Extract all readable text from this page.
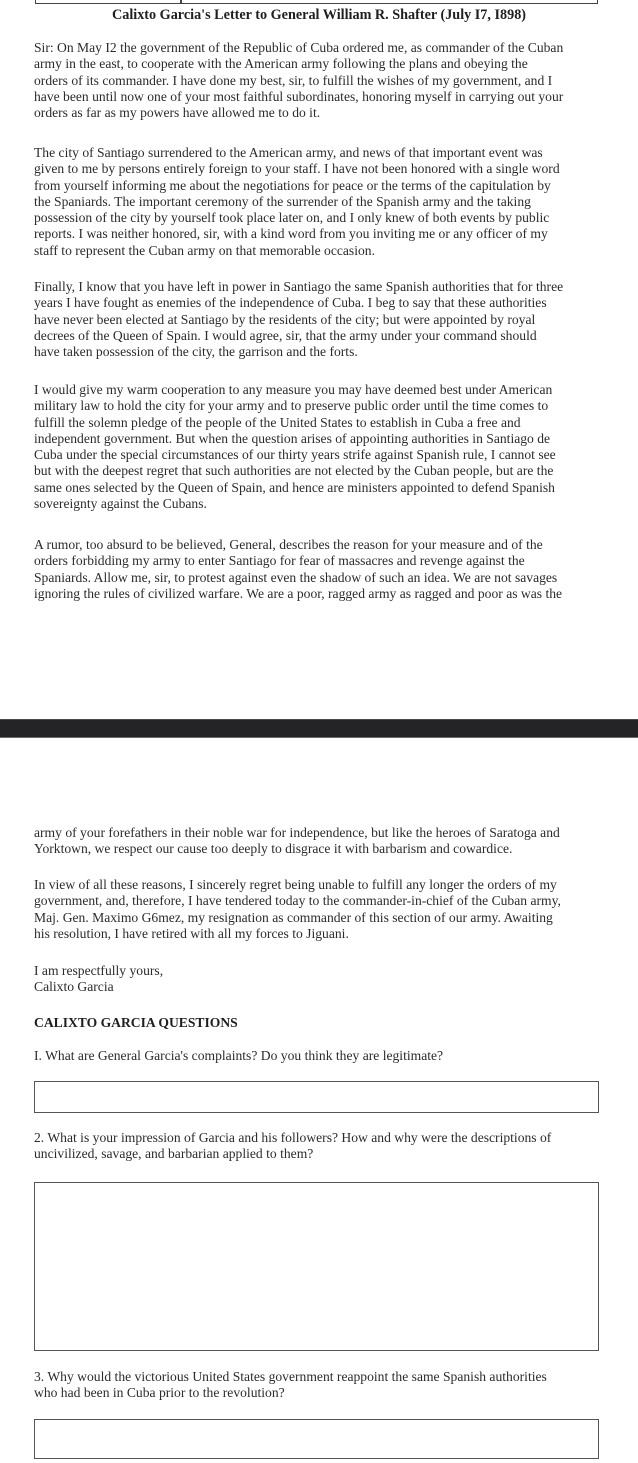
Calixto Garcia's Letter to General William R. Shafter (July I7, I898)

Sir: On May I2 the government of the Republic of Cuba ordered me, as commander of the Cuban
army in the east, to cooperate with the American army following the plans and obeying the
orders of its commander. I have done my best, sir, to fulfill the wishes of my government, and I
have been until now one of your most faithful subordinates, honoring myself in carrying out your
orders as far as my powers have allowed me to do it.

The city of Santiago surrendered to the American army, and news of that important event was
given to me by persons entirely foreign to your staff. I have not been honored with a single word
from yourself informing me about the negotiations for peace or the terms of the capitulation by
the Spaniards. The important ceremony of the surrender of the Spanish army and the taking
possession of the city by yourself took place later on, and I only knew of both events by public
reports. I was neither honored, sir, with a kind word from you inviting me or any officer of my
staff to represent the Cuban army on that memorable occasion.

Finally, I know that you have left in power in Santiago the same Spanish authorities that for three
years I have fought as enemies of the independence of Cuba. I beg to say that these authorities
have never been elected at Santiago by the residents of the city; but were appointed by royal
decrees of the Queen of Spain. I would agree, sir, that the army under your command should
have taken possession of the city, the garrison and the forts.

I would give my warm cooperation to any measure you may have deemed best under American
military law to hold the city for your army and to preserve public order until the time comes to
fulfill the solemn pledge of the people of the United States to establish in Cuba a free and
independent government. But when the question arises of appointing authorities in Santiago de
Cuba under the special circumstances of our thirty years strife against Spanish rule, I cannot see
but with the deepest regret that such authorities are not elected by the Cuban people, but are the
same ones selected by the Queen of Spain, and hence are ministers appointed to defend Spanish
sovereignty against the Cubans.

A rumor, too absurd to be believed, General, describes the reason for your measure and of the
orders forbidding my army to enter Santiago for fear of massacres and revenge against the
Spaniards. Allow me, sir, to protest against even the shadow of such an idea. We are not savages
ignoring the rules of civilized warfare. We are a poor, ragged army as ragged and poor as was the

army of your forefathers in their noble war for independence, but like the heroes of Saratoga and
Yorktown, we respect our cause too deeply to disgrace it with barbarism and cowardice.

In view of all these reasons, I sincerely regret being unable to fulfill any longer the orders of my
government, and, therefore, I have tendered today to the commander-in-chief of the Cuban army,
Maj. Gen. Maximo G6mez, my resignation as commander of this section of our army. Awaiting
his resolution, I have retired with all my forces to Jiguani.

I am respectfully yours,
Calixto Garcia

CALIXTO GARCIA QUESTIONS

I. What are General Garcia's complaints? Do you think they are legitimate?

2. What is your impression of Garcia and his followers? How and why were the descriptions of
uncivilized, savage, and barbarian applied to them?

3. Why would the victorious United States government reappoint the same Spanish authorities
who had been in Cuba prior to the revolution?
